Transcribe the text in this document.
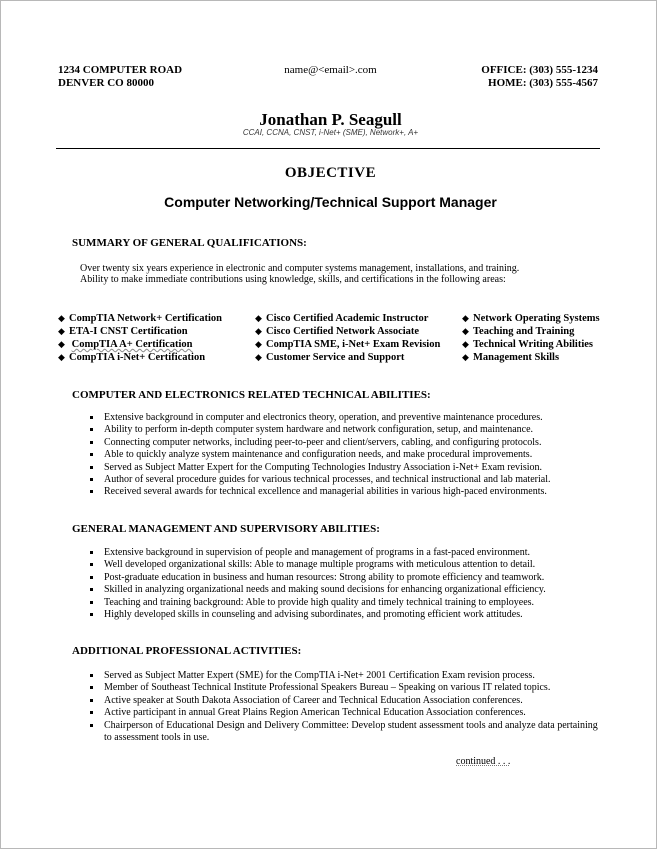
1234 COMPUTER ROAD
DENVER CO 80000
name@<email>.com	OFFICE: (303) 555-1234
HOME: (303) 555-4567
Jonathan P. Seagull
CCAI, CCNA, CNST, i-Net+ (SME), Network+, A+
OBJECTIVE
Computer Networking/Technical Support Manager
SUMMARY OF GENERAL QUALIFICATIONS:
Over twenty six years experience in electronic and computer systems management, installations, and training.
Ability to make immediate contributions using knowledge, skills, and certifications in the following areas:
◆ CompTIA Network+ Certification
◆ ETA-I CNST Certification
◆ CompTIA A+ Certification
◆ CompTIA i-Net+ Certification
◆ Cisco Certified Academic Instructor
◆ Cisco Certified Network Associate
◆ CompTIA SME, i-Net+ Exam Revision
◆ Customer Service and Support
◆ Network Operating Systems
◆ Teaching and Training
◆ Technical Writing Abilities
◆ Management Skills
COMPUTER AND ELECTRONICS RELATED TECHNICAL ABILITIES:
Extensive background in computer and electronics theory, operation, and preventive maintenance procedures.
Ability to perform in-depth computer system hardware and network configuration, setup, and maintenance.
Connecting computer networks, including peer-to-peer and client/servers, cabling, and configuring protocols.
Able to quickly analyze system maintenance and configuration needs, and make procedural improvements.
Served as Subject Matter Expert for the Computing Technologies Industry Association i-Net+ Exam revision.
Author of several procedure guides for various technical processes, and technical instructional and lab material.
Received several awards for technical excellence and managerial abilities in various high-paced environments.
GENERAL MANAGEMENT AND SUPERVISORY ABILITIES:
Extensive background in supervision of people and management of programs in a fast-paced environment.
Well developed organizational skills: Able to manage multiple programs with meticulous attention to detail.
Post-graduate education in business and human resources: Strong ability to promote efficiency and teamwork.
Skilled in analyzing organizational needs and making sound decisions for enhancing organizational efficiency.
Teaching and training background: Able to provide high quality and timely technical training to employees.
Highly developed skills in counseling and advising subordinates, and promoting efficient work attitudes.
ADDITIONAL PROFESSIONAL ACTIVITIES:
Served as Subject Matter Expert (SME) for the CompTIA i-Net+ 2001 Certification Exam revision process.
Member of Southeast Technical Institute Professional Speakers Bureau – Speaking on various IT related topics.
Active speaker at South Dakota Association of Career and Technical Education Association conferences.
Active participant in annual Great Plains Region American Technical Education Association conferences.
Chairperson of Educational Design and Delivery Committee: Develop student assessment tools and analyze data pertaining to assessment tools in use.
continued . . .
